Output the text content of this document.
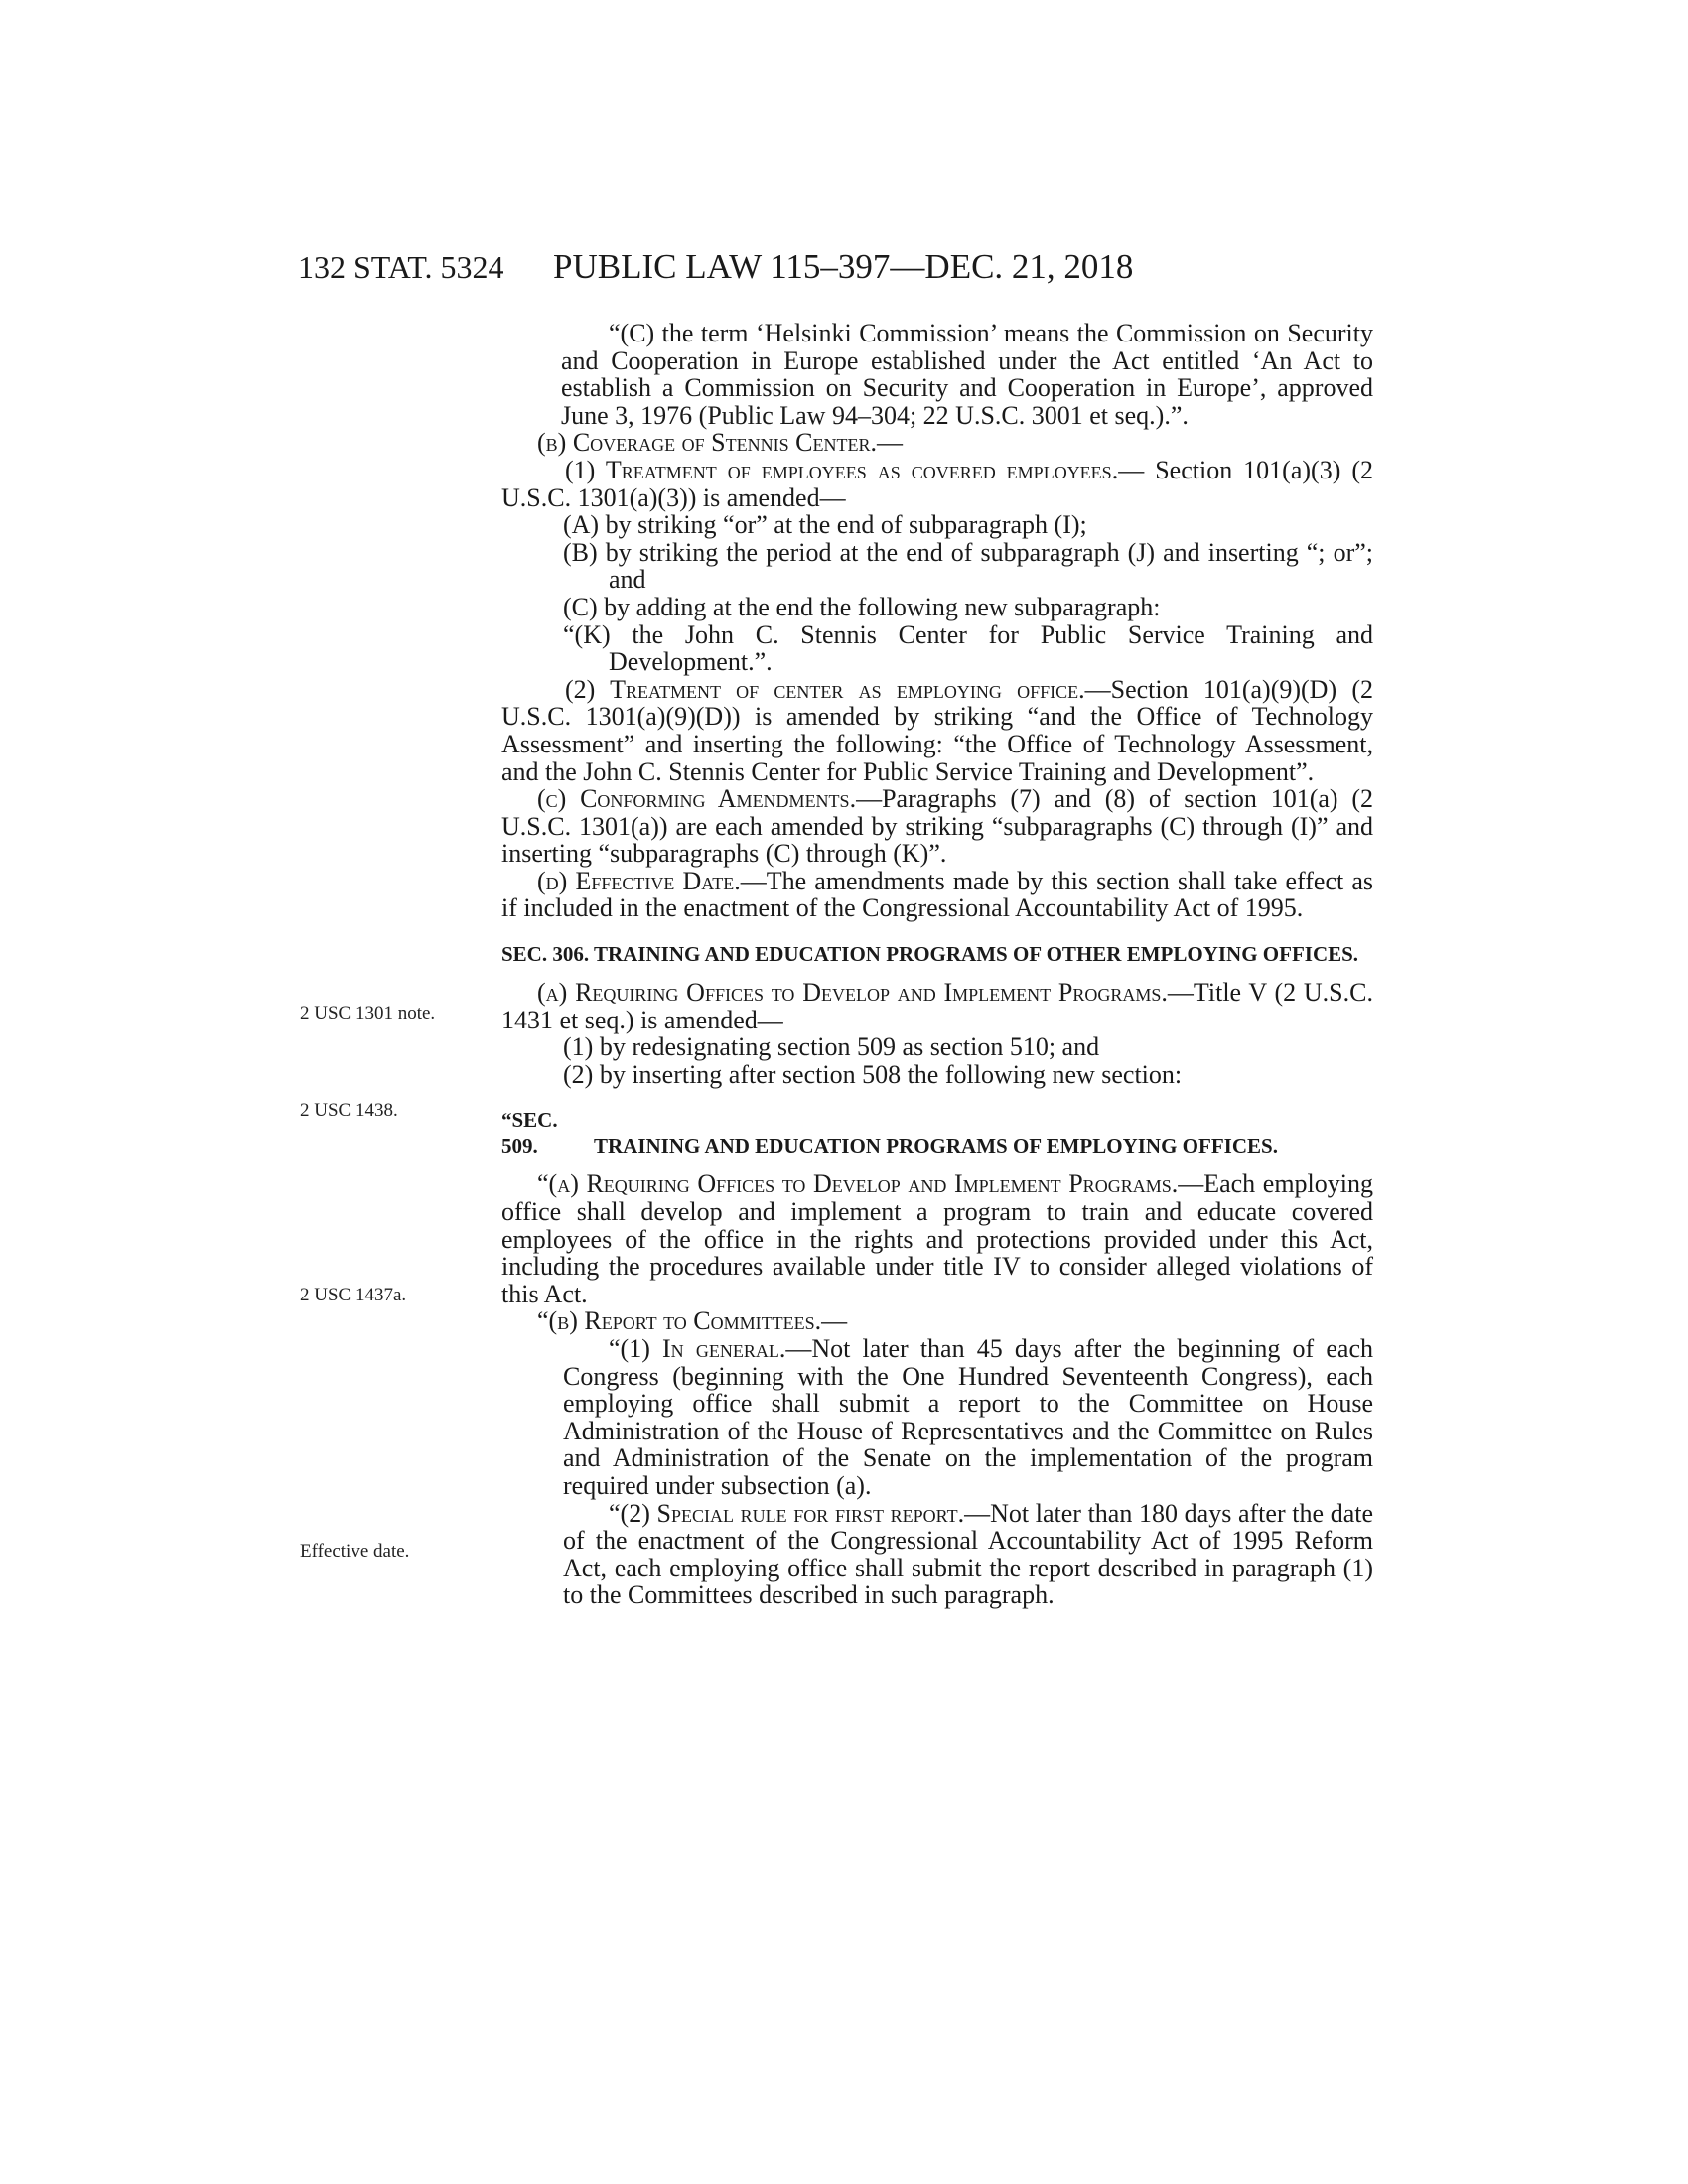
132 STAT. 5324 PUBLIC LAW 115–397—DEC. 21, 2018
2 USC 1301 note.
2 USC 1438.
2 USC 1437a.
Effective date.

“(C) the term ‘Helsinki Commission’ means the Commission on Security and Cooperation in Europe established under the Act entitled ‘An Act to establish a Commission on Security and Cooperation in Europe’, approved June 3, 1976 (Public Law 94–304; 22 U.S.C. 3001 et seq.).”.

(b) Coverage of Stennis Center.—

(1) Treatment of employees as covered employees.— Section 101(a)(3) (2 U.S.C. 1301(a)(3)) is amended—

(A) by striking “or” at the end of subparagraph (I);

(B) by striking the period at the end of subparagraph (J) and inserting “; or”; and

(C) by adding at the end the following new subparagraph:

“(K) the John C. Stennis Center for Public Service Training and Development.”.

(2) Treatment of center as employing office.—Section 101(a)(9)(D) (2 U.S.C. 1301(a)(9)(D)) is amended by striking “and the Office of Technology Assessment” and inserting the following: “the Office of Technology Assessment, and the John C. Stennis Center for Public Service Training and Development”.

(c) Conforming Amendments.—Paragraphs (7) and (8) of section 101(a) (2 U.S.C. 1301(a)) are each amended by striking “subparagraphs (C) through (I)” and inserting “subparagraphs (C) through (K)”.

(d) Effective Date.—The amendments made by this section shall take effect as if included in the enactment of the Congressional Accountability Act of 1995.

SEC. 306. TRAINING AND EDUCATION PROGRAMS OF OTHER EMPLOYING OFFICES.

(a) Requiring Offices to Develop and Implement Programs.—Title V (2 U.S.C. 1431 et seq.) is amended—

(1) by redesignating section 509 as section 510; and

(2) by inserting after section 508 the following new section:

“SEC. 509.	TRAINING AND EDUCATION PROGRAMS OF EMPLOYING OFFICES.

“(a) Requiring Offices to Develop and Implement Programs.—Each employing office shall develop and implement a program to train and educate covered employees of the office in the rights and protections provided under this Act, including the procedures available under title IV to consider alleged violations of this Act.

“(b) Report to Committees.—

“(1) In general.—Not later than 45 days after the beginning of each Congress (beginning with the One Hundred Seventeenth Congress), each employing office shall submit a report to the Committee on House Administration of the House of Representatives and the Committee on Rules and Administration of the Senate on the implementation of the program required under subsection (a).

“(2) Special rule for first report.—Not later than 180 days after the date of the enactment of the Congressional Accountability Act of 1995 Reform Act, each employing office shall submit the report described in paragraph (1) to the Committees described in such paragraph.
